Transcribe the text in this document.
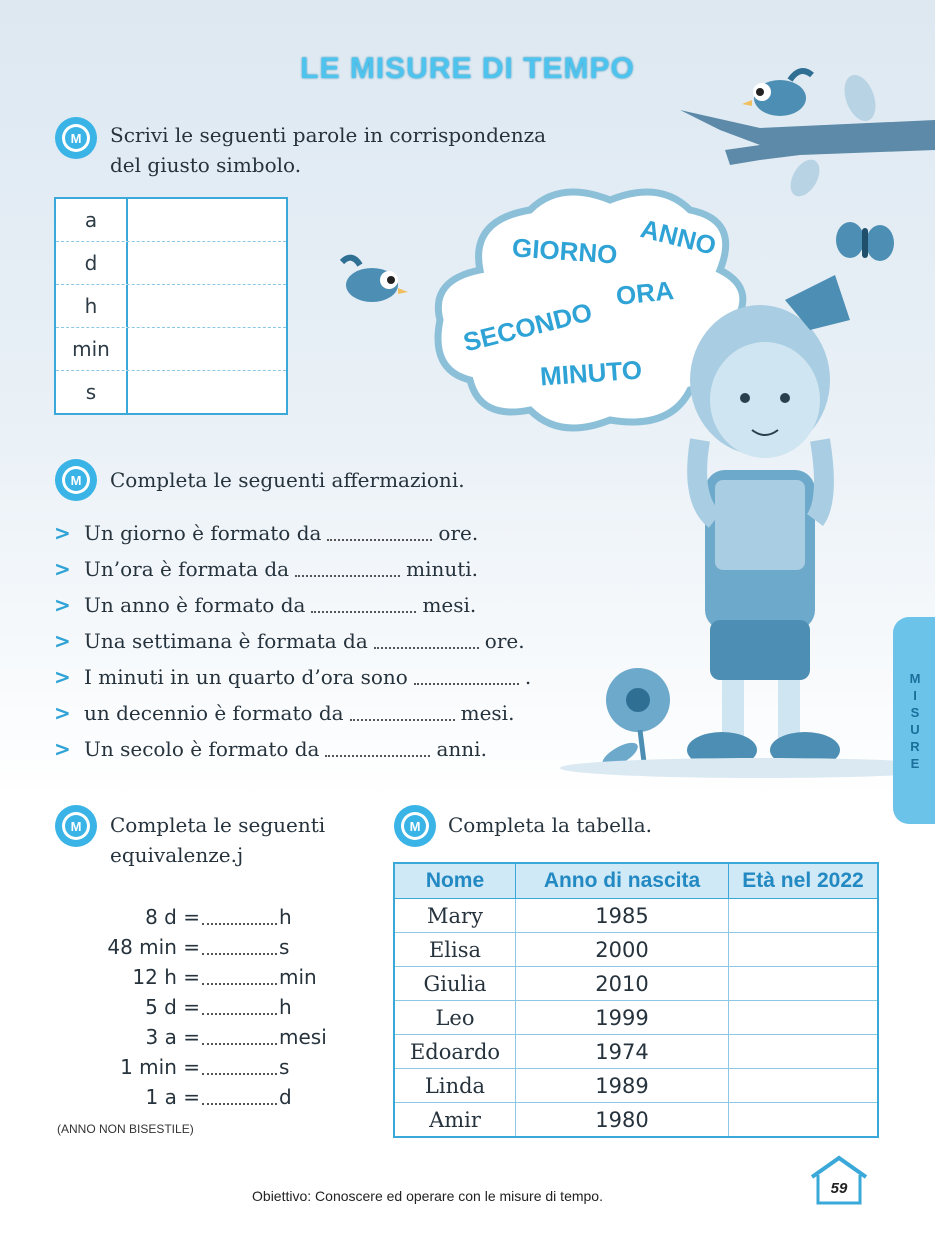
LE MISURE DI TEMPO
M Scrivi le seguenti parole in corrispondenza
del giusto simbolo.
a
d
h
min
s
GIORNO ANNO
ORA
SECONDO
MINUTO
M Completa le seguenti affermazioni.
> Un giorno è formato da	ore.
> Un’ora è formata da	minuti.
> Un anno è formato da	mesi.
> Una settimana è formata da	ore.
> I minuti in un quarto d’ora sono	.
> un decennio è formato da	mesi.
> Un secolo è formato da	anni.
M Completa le seguenti
equivalenze.j
8 d =	h
48 min =	s
12 h =	min
5 d =	h
3 a =	mesi
1 min =	s
1 a =	d
(ANNO NON BISESTILE)
M Completa la tabella.
Nome	Anno di nascita	Età nel 2022
Mary	1985	
Elisa	2000	
Giulia	2010	
Leo	1999	
Edoardo	1974	
Linda	1989	
Amir	1980	
M
I
S
U
R
E
Obiettivo: Conoscere ed operare con le misure di tempo.	59
